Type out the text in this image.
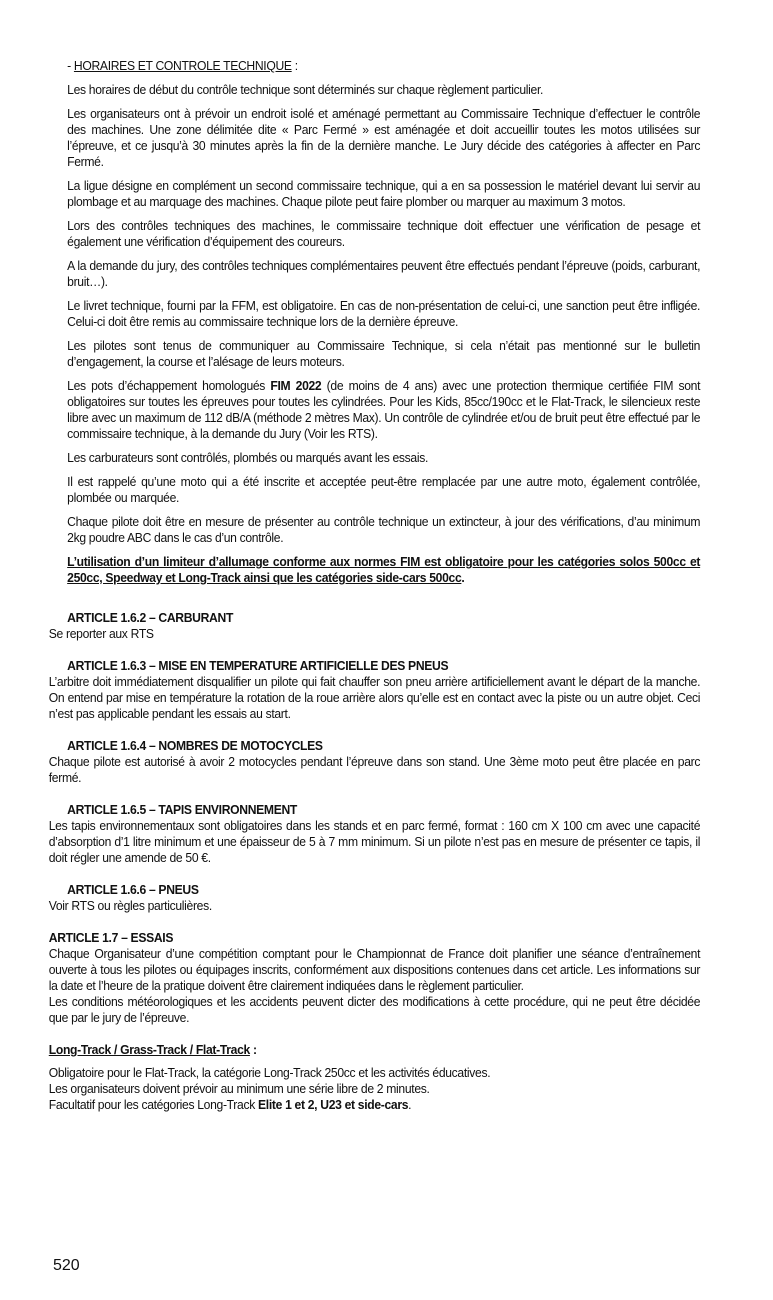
- HORAIRES ET CONTROLE TECHNIQUE :

Les horaires de début du contrôle technique sont déterminés sur chaque règlement particulier.

Les organisateurs ont à prévoir un endroit isolé et aménagé permettant au Commissaire Technique d’effectuer le contrôle des machines. Une zone délimitée dite « Parc Fermé » est aménagée et doit accueillir toutes les motos utilisées sur l’épreuve, et ce jusqu’à 30 minutes après la fin de la dernière manche. Le Jury décide des catégories à affecter en Parc Fermé.

La ligue désigne en complément un second commissaire technique, qui a en sa possession le matériel devant lui servir au plombage et au marquage des machines. Chaque pilote peut faire plomber ou marquer au maximum 3 motos.

Lors des contrôles techniques des machines, le commissaire technique doit effectuer une vérification de pesage et également une vérification d’équipement des coureurs.

A la demande du jury, des contrôles techniques complémentaires peuvent être effectués pendant l’épreuve (poids, carburant, bruit…).

Le livret technique, fourni par la FFM, est obligatoire. En cas de non-présentation de celui-ci, une sanction peut être infligée. Celui-ci doit être remis au commissaire technique lors de la dernière épreuve.

Les pilotes sont tenus de communiquer au Commissaire Technique, si cela n’était pas mentionné sur le bulletin d’engagement, la course et l’alésage de leurs moteurs.

Les pots d’échappement homologués FIM 2022 (de moins de 4 ans) avec une protection thermique certifiée FIM sont obligatoires sur toutes les épreuves pour toutes les cylindrées. Pour les Kids, 85cc/190cc et le Flat-Track, le silencieux reste libre avec un maximum de 112 dB/A (méthode 2 mètres Max). Un contrôle de cylindrée et/ou de bruit peut être effectué par le commissaire technique, à la demande du Jury (Voir les RTS).

Les carburateurs sont contrôlés, plombés ou marqués avant les essais.

Il est rappelé qu’une moto qui a été inscrite et acceptée peut-être remplacée par une autre moto, également contrôlée, plombée ou marquée.

Chaque pilote doit être en mesure de présenter au contrôle technique un extincteur, à jour des vérifications, d’au minimum 2kg poudre ABC dans le cas d’un contrôle.

L’utilisation d’un limiteur d’allumage conforme aux normes FIM est obligatoire pour les catégories solos 500cc et 250cc, Speedway et Long-Track ainsi que les catégories side-cars 500cc.

ARTICLE 1.6.2 – CARBURANT

Se reporter aux RTS

ARTICLE 1.6.3 – MISE EN TEMPERATURE ARTIFICIELLE DES PNEUS

L’arbitre doit immédiatement disqualifier un pilote qui fait chauffer son pneu arrière artificiellement avant le départ de la manche. On entend par mise en température la rotation de la roue arrière alors qu’elle est en contact avec la piste ou un autre objet. Ceci n’est pas applicable pendant les essais au start.

ARTICLE 1.6.4 – NOMBRES DE MOTOCYCLES

Chaque pilote est autorisé à avoir 2 motocycles pendant l’épreuve dans son stand. Une 3ème moto peut être placée en parc fermé.

ARTICLE 1.6.5 – TAPIS ENVIRONNEMENT

Les tapis environnementaux sont obligatoires dans les stands et en parc fermé, format : 160 cm X 100 cm avec une capacité d’absorption d’1 litre minimum et une épaisseur de 5 à 7 mm minimum. Si un pilote n’est pas en mesure de présenter ce tapis, il doit régler une amende de 50 €.

ARTICLE 1.6.6 – PNEUS

Voir RTS ou règles particulières.

ARTICLE 1.7 – ESSAIS

Chaque Organisateur d’une compétition comptant pour le Championnat de France doit planifier une séance d’entraînement ouverte à tous les pilotes ou équipages inscrits, conformément aux dispositions contenues dans cet article. Les informations sur la date et l’heure de la pratique doivent être clairement indiquées dans le règlement particulier.

Les conditions météorologiques et les accidents peuvent dicter des modifications à cette procédure, qui ne peut être décidée que par le jury de l’épreuve.

Long-Track / Grass-Track / Flat-Track :

Obligatoire pour le Flat-Track, la catégorie Long-Track 250cc et les activités éducatives.

Les organisateurs doivent prévoir au minimum une série libre de 2 minutes.

Facultatif pour les catégories Long-Track Elite 1 et 2, U23 et side-cars.

520
